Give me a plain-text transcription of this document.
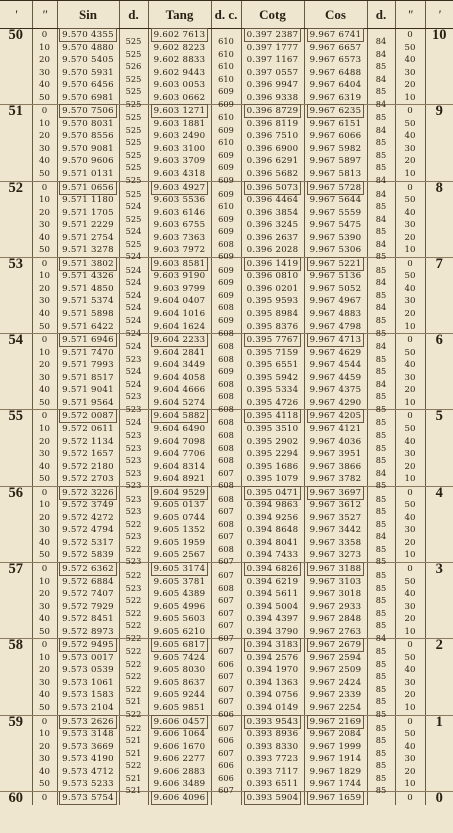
'	"	Sin	d.	Tang	d. c.	Cotg	Cos	d.	"	'
50	0	9.570 4355	525	9.602 7613	610	0.397 2387	9.967 6741	84	0	10
	10	9.570 4880	525	9.602 8223	610	0.397 1777	9.967 6657	84	50	
	20	9.570 5405	526	9.602 8833	610	0.397 1167	9.967 6573	85	40	
	30	9.570 5931	525	9.602 9443	610	0.397 0557	9.967 6488	84	30	
	40	9.570 6456	525	9.603 0053	609	0.396 9947	9.967 6404	85	20	
	50	9.570 6981	525	9.603 0662	609	0.396 9338	9.967 6319	84	10	
51	0	9.570 7506	525	9.603 1271	610	0.396 8729	9.967 6235	85	0	9
	10	9.570 8031	525	9.603 1881	609	0.396 8119	9.967 6151	84	50	
	20	9.570 8556	525	9.603 2490	610	0.396 7510	9.967 6066	85	40	
	30	9.570 9081	525	9.603 3100	609	0.396 6900	9.967 5982	85	30	
	40	9.570 9606	525	9.603 3709	609	0.396 6291	9.967 5897	85	20	
	50	9.571 0131	525	9.603 4318	609	0.396 5682	9.967 5813	84	10	
52	0	9.571 0656	525	9.603 4927	609	0.396 5073	9.967 5728	84	0	8
	10	9.571 1180	524	9.603 5536	610	0.396 4464	9.967 5644	85	50	
	20	9.571 1705	525	9.603 6146	609	0.396 3854	9.967 5559	84	40	
	30	9.571 2229	524	9.603 6755	609	0.396 3245	9.967 5475	85	30	
	40	9.571 2754	525	9.603 7363	608	0.396 2637	9.967 5390	84	20	
	50	9.571 3278	524	9.603 7972	609	0.396 2028	9.967 5306	85	10	
53	0	9.571 3802	524	9.603 8581	609	0.396 1419	9.967 5221	85	0	7
	10	9.571 4326	524	9.603 9190	609	0.396 0810	9.967 5136	84	50	
	20	9.571 4850	524	9.603 9799	609	0.396 0201	9.967 5052	85	40	
	30	9.571 5374	524	9.604 0407	608	0.395 9593	9.967 4967	84	30	
	40	9.571 5898	524	9.604 1016	609	0.395 8984	9.967 4883	85	20	
	50	9.571 6422	524	9.604 1624	608	0.395 8376	9.967 4798	85	10	
54	0	9.571 6946	524	9.604 2233	608	0.395 7767	9.967 4713	84	0	6
	10	9.571 7470	523	9.604 2841	608	0.395 7159	9.967 4629	85	50	
	20	9.571 7993	524	9.604 3449	609	0.395 6551	9.967 4544	85	40	
	30	9.571 8517	524	9.604 4058	608	0.395 5942	9.967 4459	84	30	
	40	9.571 9041	523	9.604 4666	608	0.395 5334	9.967 4375	85	20	
	50	9.571 9564	523	9.604 5274	608	0.395 4726	9.967 4290	85	10	
55	0	9.572 0087	524	9.604 5882	608	0.395 4118	9.967 4205	85	0	5
	10	9.572 0611	523	9.604 6490	608	0.395 3510	9.967 4121	85	50	
	20	9.572 1134	523	9.604 7098	608	0.395 2902	9.967 4036	85	40	
	30	9.572 1657	523	9.604 7706	608	0.395 2294	9.967 3951	85	30	
	40	9.572 2180	523	9.604 8314	607	0.395 1686	9.967 3866	84	20	
	50	9.572 2703	523	9.604 8921	608	0.395 1079	9.967 3782	85	10	
56	0	9.572 3226	523	9.604 9529	608	0.395 0471	9.967 3697	85	0	4
	10	9.572 3749	523	9.605 0137	607	0.394 9863	9.967 3612	85	50	
	20	9.572 4272	522	9.605 0744	608	0.394 9256	9.967 3527	85	40	
	30	9.572 4794	523	9.605 1352	607	0.394 8648	9.967 3442	84	30	
	40	9.572 5317	522	9.605 1959	608	0.394 8041	9.967 3358	85	20	
	50	9.572 5839	523	9.605 2567	607	0.394 7433	9.967 3273	85	10	
57	0	9.572 6362	522	9.605 3174	607	0.394 6826	9.967 3188	85	0	3
	10	9.572 6884	523	9.605 3781	608	0.394 6219	9.967 3103	85	50	
	20	9.572 7407	522	9.605 4389	607	0.394 5611	9.967 3018	85	40	
	30	9.572 7929	522	9.605 4996	607	0.394 5004	9.967 2933	85	30	
	40	9.572 8451	522	9.605 5603	607	0.394 4397	9.967 2848	85	20	
	50	9.572 8973	522	9.605 6210	607	0.394 3790	9.967 2763	84	10	
58	0	9.572 9495	522	9.605 6817	607	0.394 3183	9.967 2679	85	0	2
	10	9.573 0017	522	9.605 7424	606	0.394 2576	9.967 2594	85	50	
	20	9.573 0539	522	9.605 8030	607	0.394 1970	9.967 2509	85	40	
	30	9.573 1061	522	9.605 8637	607	0.394 1363	9.967 2424	85	30	
	40	9.573 1583	521	9.605 9244	607	0.394 0756	9.967 2339	85	20	
	50	9.573 2104	522	9.605 9851	606	0.394 0149	9.967 2254	85	10	
59	0	9.573 2626	522	9.606 0457	607	0.393 9543	9.967 2169	85	0	1
	10	9.573 3148	521	9.606 1064	606	0.393 8936	9.967 2084	85	50	
	20	9.573 3669	521	9.606 1670	607	0.393 8330	9.967 1999	85	40	
	30	9.573 4190	522	9.606 2277	606	0.393 7723	9.967 1914	85	30	
	40	9.573 4712	521	9.606 2883	606	0.393 7117	9.967 1829	85	20	
	50	9.573 5233	521	9.606 3489	607	0.393 6511	9.967 1744	85	10	
60	0	9.573 5754		9.606 4096		0.393 5904	9.967 1659		0	0
